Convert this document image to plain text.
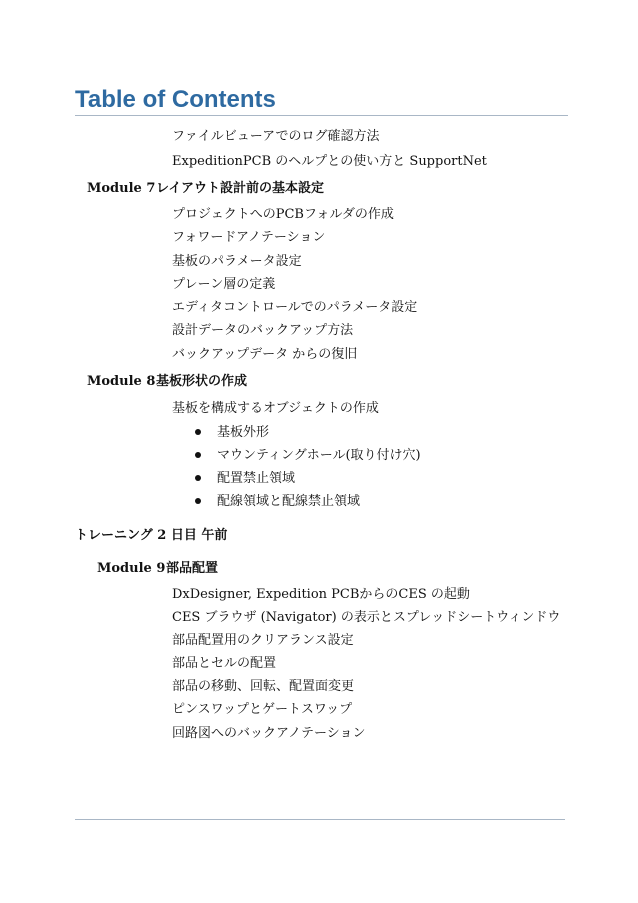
Table of Contents
ファイルビューアでのログ確認方法
ExpeditionPCB のヘルプとの使い方と SupportNet
Module 7レイアウト設計前の基本設定
プロジェクトへのPCBフォルダの作成
フォワードアノテーション
基板のパラメータ設定
プレーン層の定義
エディタコントロールでのパラメータ設定
設計データのバックアップ方法
バックアップデータ からの復旧
Module 8基板形状の作成
基板を構成するオブジェクトの作成
基板外形
マウンティングホール(取り付け穴)
配置禁止領域
配線領域と配線禁止領域
トレーニング 2 日目 午前
Module 9部品配置
DxDesigner, Expedition PCBからのCES の起動
CES ブラウザ (Navigator) の表示とスプレッドシートウィンドウ
部品配置用のクリアランス設定
部品とセルの配置
部品の移動、回転、配置面変更
ピンスワップとゲートスワップ
回路図へのバックアノテーション
